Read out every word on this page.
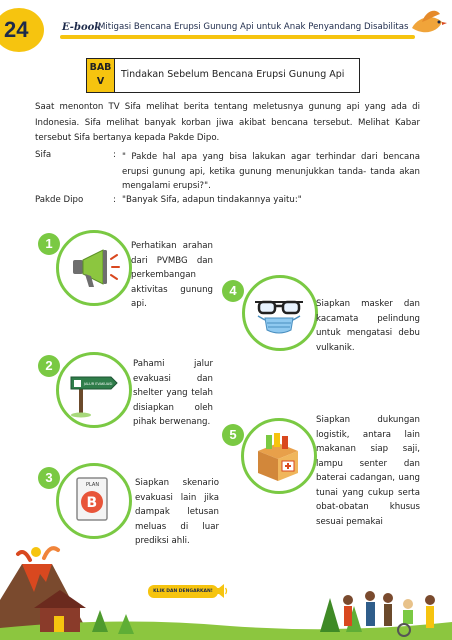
24	E-book
Mitigasi Bencana Erupsi Gunung Api untuk Anak Penyandang Disabilitas
BAB
V
Tindakan Sebelum Bencana Erupsi Gunung Api
Saat menonton TV Sifa melihat berita tentang meletusnya gunung api yang ada di Indonesia. Sifa melihat banyak korban jiwa akibat bencana tersebut. Melihat Kabar tersebut Sifa bertanya kepada Pakde Dipo.
Sifa	: " Pakde hal apa yang bisa lakukan agar terhindar dari bencana erupsi gunung api, ketika gunung menunjukkan tanda- tanda akan mengalami erupsi?".
Pakde Dipo	: "Banyak Sifa, adapun tindakannya yaitu:"
1	Perhatikan arahan dari PVMBG dan perkembangan aktivitas gunung api.
4
Siapkan masker dan kacamata pelindung untuk mengatasi debu vulkanik.
2
JALUR EVAKUASI
Pahami jalur evakuasi dan shelter yang telah disiapkan oleh pihak berwenang.
5
Siapkan dukungan logistik, antara lain makanan siap saji, lampu senter dan baterai cadangan, uang tunai yang cukup serta obat-obatan khusus sesuai pemakai
3	PLAN
B
Siapkan skenario evakuasi lain jika dampak letusan meluas di luar prediksi ahli.
KLIK DAN DENGARKAN!
